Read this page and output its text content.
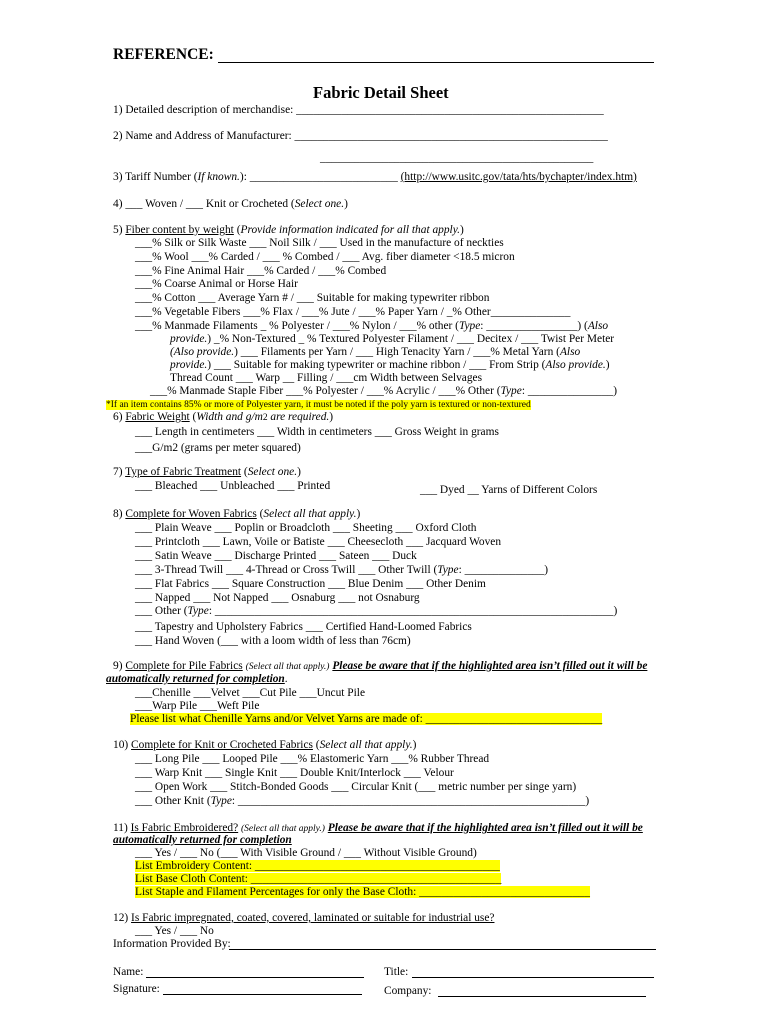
REFERENCE:
Fabric Detail Sheet
1) Detailed description of merchandise: ______________________________________________________
2) Name and Address of Manufacturer: _______________________________________________________
________________________________________________
3) Tariff Number (If known.): __________________________ (http://www.usitc.gov/tata/hts/bychapter/index.htm)
4) ___ Woven / ___ Knit or Crocheted (Select one.)
5) Fiber content by weight (Provide information indicated for all that apply.)
___% Silk or Silk Waste ___ Noil Silk / ___ Used in the manufacture of neckties
___% Wool ___% Carded / ___ % Combed / ___ Avg. fiber diameter <18.5 micron
___% Fine Animal Hair ___% Carded / ___% Combed
___% Coarse Animal or Horse Hair
___% Cotton ___ Average Yarn # / ___ Suitable for making typewriter ribbon
___% Vegetable Fibers ___% Flax / ___% Jute / ___% Paper Yarn / _% Other______________
___% Manmade Filaments _ % Polyester / ___% Nylon / ___% other (Type: ________________) (Also
provide.) _% Non-Textured _ % Textured Polyester Filament / ___ Decitex / ___ Twist Per Meter
(Also provide.) ___ Filaments per Yarn / ___ High Tenacity Yarn / ___% Metal Yarn (Also
provide.) ___ Suitable for making typewriter or machine ribbon / ___ From Strip (Also provide.)
Thread Count ___ Warp __ Filling / ___cm Width between Selvages
___% Manmade Staple Fiber ___% Polyester / ___% Acrylic / ___% Other (Type: _______________)
*If an item contains 85% or more of Polyester yarn, it must be noted if the poly yarn is textured or non-textured
6) Fabric Weight (Width and g/m2 are required.)
___ Length in centimeters ___ Width in centimeters ___ Gross Weight in grams
___G/m2 (grams per meter squared)
7) Type of Fabric Treatment (Select one.)
___ Bleached ___ Unbleached ___ Printed	___ Dyed __ Yarns of Different Colors
8) Complete for Woven Fabrics (Select all that apply.)
___ Plain Weave ___ Poplin or Broadcloth ___ Sheeting ___ Oxford Cloth
___ Printcloth ___ Lawn, Voile or Batiste ___ Cheesecloth ___ Jacquard Woven
___ Satin Weave ___ Discharge Printed ___ Sateen ___ Duck
___ 3-Thread Twill ___ 4-Thread or Cross Twill ___ Other Twill (Type: ______________)
___ Flat Fabrics ___ Square Construction ___ Blue Denim ___ Other Denim
___ Napped ___ Not Napped ___ Osnaburg ___ not Osnaburg
___ Other (Type: ______________________________________________________________________)
___ Tapestry and Upholstery Fabrics ___ Certified Hand-Loomed Fabrics
___ Hand Woven (___ with a loom width of less than 76cm)
9) Complete for Pile Fabrics (Select all that apply.) Please be aware that if the highlighted area isn’t filled out it will be
automatically returned for completion.
___Chenille ___Velvet ___Cut Pile ___Uncut Pile
___Warp Pile ___Weft Pile
Please list what Chenille Yarns and/or Velvet Yarns are made of: _______________________________
10) Complete for Knit or Crocheted Fabrics (Select all that apply.)
___ Long Pile ___ Looped Pile ___% Elastomeric Yarn ___% Rubber Thread
___ Warp Knit ___ Single Knit ___ Double Knit/Interlock ___ Velour
___ Open Work ___ Stitch-Bonded Goods ___ Circular Knit (___ metric number per singe yarn)
___ Other Knit (Type: _____________________________________________________________)
11) Is Fabric Embroidered? (Select all that apply.) Please be aware that if the highlighted area isn’t filled out it will be
automatically returned for completion
___ Yes / ___ No (___ With Visible Ground / ___ Without Visible Ground)
List Embroidery Content: ___________________________________________
List Base Cloth Content: ____________________________________________
List Staple and Filament Percentages for only the Base Cloth: ______________________________
12) Is Fabric impregnated, coated, covered, laminated or suitable for industrial use?
___ Yes / ___ No
Information Provided By:
Name:	Title:
Signature:	Company:
